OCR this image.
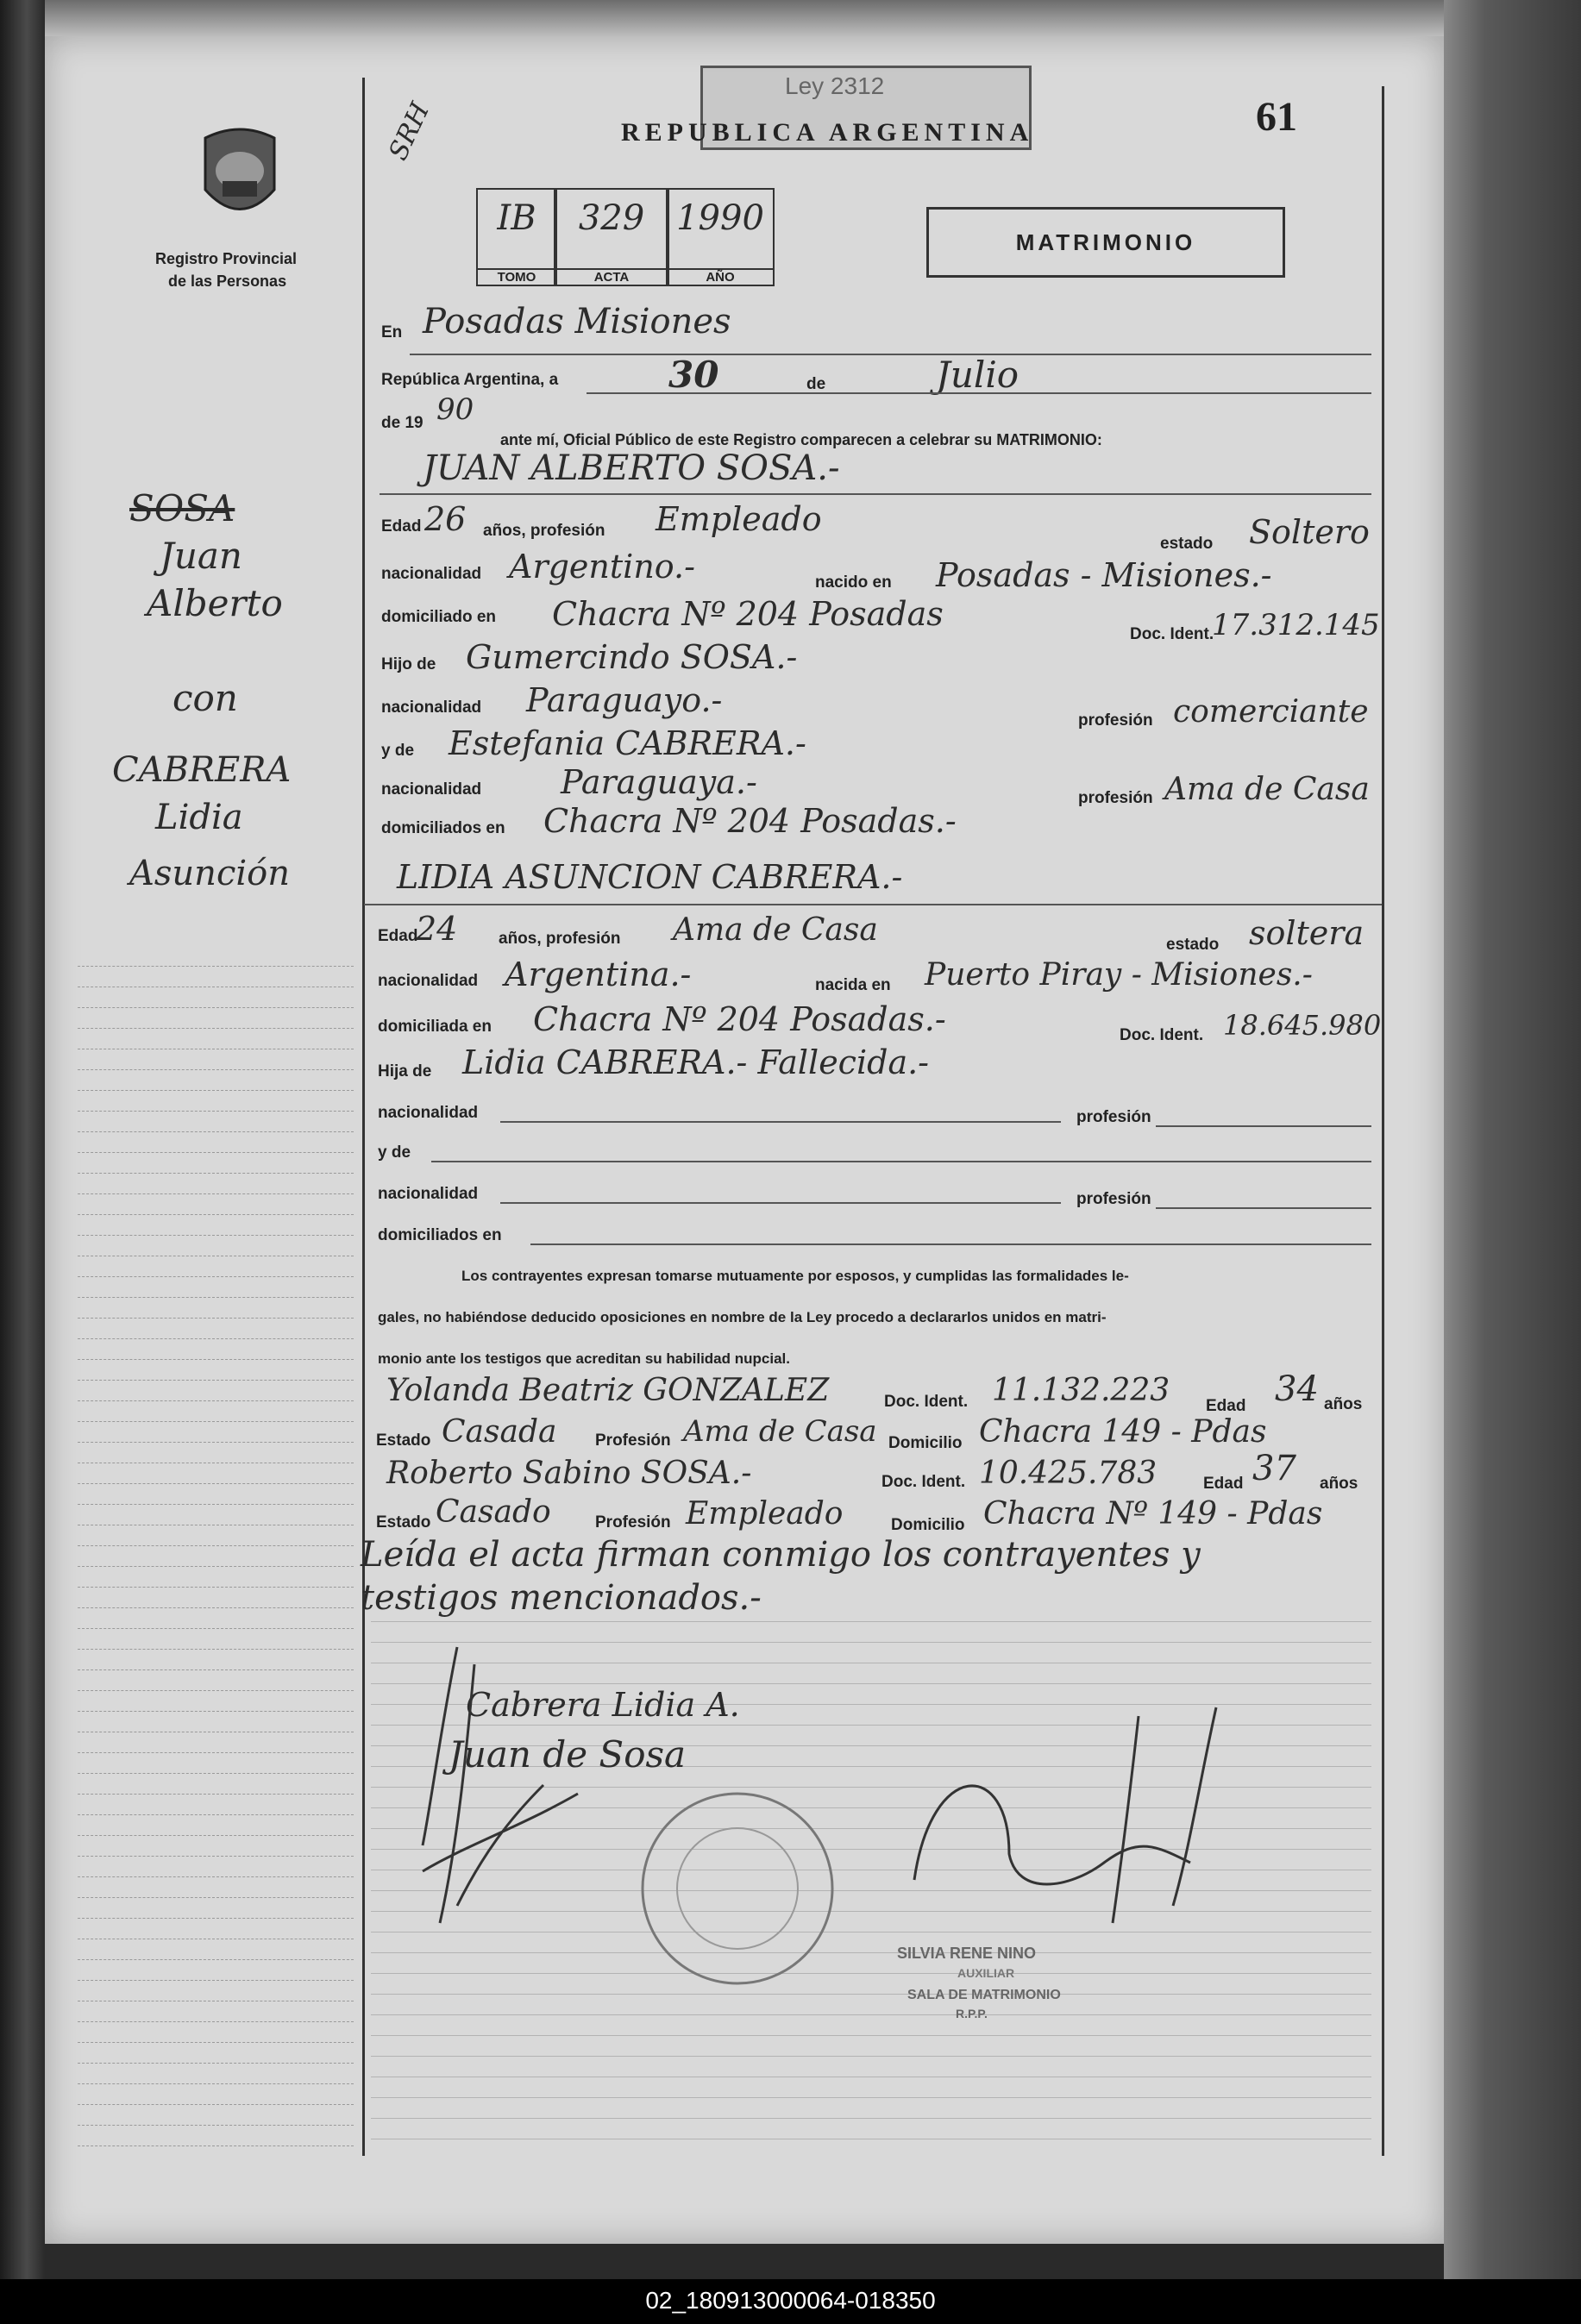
Registro Provincial
de las Personas
SRH
Ley 2312
REPUBLICA ARGENTINA	61
IB
TOMO
329
ACTA
1990
AÑO
MATRIMONIO
En Posadas Misiones
República Argentina, a	30	de	Julio
de 19 90
ante mí, Oficial Público de este Registro comparecen a celebrar su MATRIMONIO:
JUAN ALBERTO SOSA.-
Edad 26 años, profesión Empleado
estado Soltero
nacionalidad Argentino.-	nacido en Posadas - Misiones.-
domiciliado en Chacra Nº 204 Posadas
Doc. Ident.
17.312.145
Hijo de Gumercindo SOSA.-
nacionalidad Paraguayo.-
profesión comerciante
y de Estefania CABRERA.-
nacionalidad Paraguaya.-	profesión Ama de Casa
domiciliados en Chacra Nº 204 Posadas.-
LIDIA ASUNCION CABRERA.-
Edad
24	años, profesión Ama de Casa	estado soltera
nacionalidad Argentina.-	nacida en Puerto Piray - Misiones.-
domiciliada en Chacra Nº 204 Posadas.-	Doc. Ident. 18.645.980
Hija de Lidia CABRERA.- Fallecida.-
nacionalidad	profesión
y de
nacionalidad	profesión
domiciliados en
Los contrayentes expresan tomarse mutuamente por esposos, y cumplidas las formalidades le-
gales, no habiéndose deducido oposiciones en nombre de la Ley procedo a declararlos unidos en matri-
monio ante los testigos que acreditan su habilidad nupcial.
Yolanda Beatriz GONZALEZ	Doc. Ident. 11.132.223 Edad 34 años
Estado Casada Profesión Ama de Casa Domicilio Chacra 149 - Pdas
Roberto Sabino SOSA.-	Doc. Ident. 10.425.783	Edad 37 años
Estado Casado	Profesión Empleado	Domicilio Chacra Nº 149 - Pdas
Leída el acta firman conmigo los contrayentes y
testigos mencionados.-
Cabrera Lidia A.
Juan de Sosa
SILVIA RENE NINO
AUXILIAR
SALA DE MATRIMONIO
R.P.P.
SOSA
Juan
Alberto
con
CABRERA
Lidia
Asunción
02_180913000064-018350
